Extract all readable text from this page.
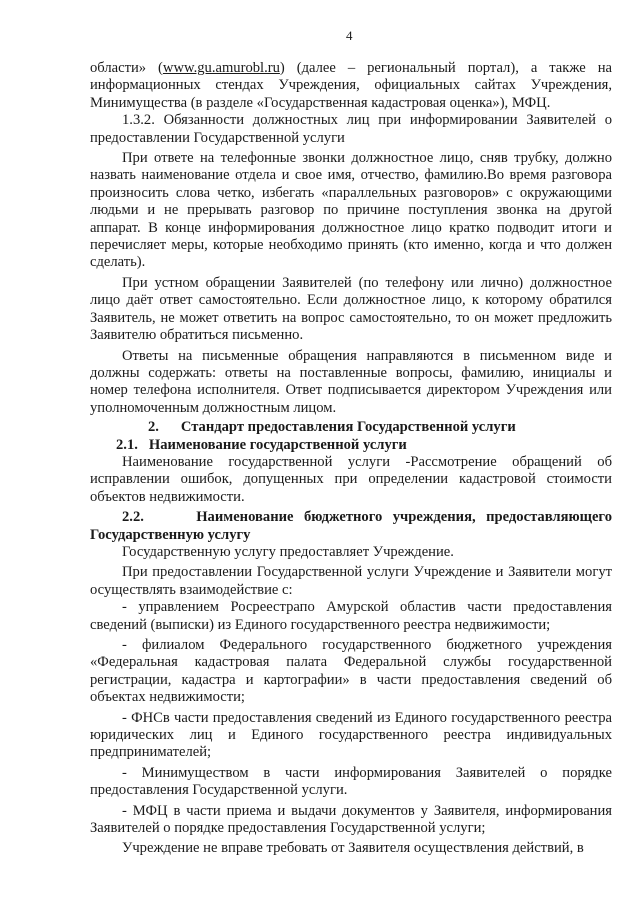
4

области» (www.gu.amurobl.ru) (далее – региональный портал), а также на информационных стендах Учреждения, официальных сайтах Учреждения, Минимущества (в разделе «Государственная кадастровая оценка»), МФЦ.

1.3.2. Обязанности должностных лиц при информировании Заявителей о предоставлении Государственной услуги

При ответе на телефонные звонки должностное лицо, сняв трубку, должно назвать наименование отдела и свое имя, отчество, фамилию.Во время разговора произносить слова четко, избегать «параллельных разговоров» с окружающими людьми и не прерывать разговор по причине поступления звонка на другой аппарат. В конце информирования должностное лицо кратко подводит итоги и перечисляет меры, которые необходимо принять (кто именно, когда и что должен сделать).

При устном обращении Заявителей (по телефону или лично) должностное лицо даёт ответ самостоятельно. Если должностное лицо, к которому обратился Заявитель, не может ответить на вопрос самостоятельно, то он может предложить Заявителю обратиться письменно.

Ответы на письменные обращения направляются в письменном виде и должны содержать: ответы на поставленные вопросы, фамилию, инициалы и номер телефона исполнителя. Ответ подписывается директором Учреждения или уполномоченным должностным лицом.

2. Стандарт предоставления Государственной услуги

2.1. Наименование государственной услуги

Наименование государственной услуги -Рассмотрение обращений об исправлении ошибок, допущенных при определении кадастровой стоимости объектов недвижимости.

2.2.	Наименование бюджетного учреждения, предоставляющего Государственную услугу

Государственную услугу предоставляет Учреждение.

При предоставлении Государственной услуги Учреждение и Заявители могут осуществлять взаимодействие с:

- управлением Росреестрапо Амурской областив части предоставления сведений (выписки) из Единого государственного реестра недвижимости;

- филиалом Федерального государственного бюджетного учреждения «Федеральная кадастровая палата Федеральной службы государственной регистрации, кадастра и картографии» в части предоставления сведений об объектах недвижимости;

- ФНСв части предоставления сведений из Единого государственного реестра юридических лиц и Единого государственного реестра индивидуальных предпринимателей;

- Минимуществом в части информирования Заявителей о порядке предоставления Государственной услуги.

- МФЦ в части приема и выдачи документов у Заявителя, информирования Заявителей о порядке предоставления Государственной услуги;

Учреждение не вправе требовать от Заявителя осуществления действий, в
